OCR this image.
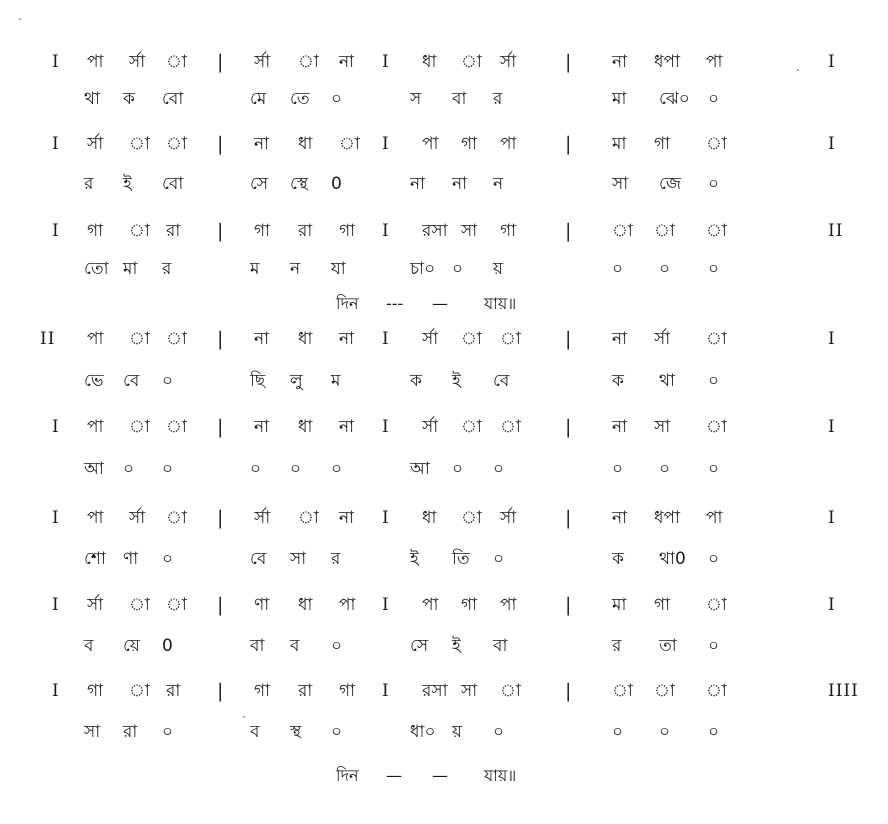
I পা র্সা া | র্সা া না I ধা া র্সা	| না ধপা পা	I
থা ক বো	মে তে ০	স বা র	মা ঝে০ ০
I র্সা া া | না ধা া I পা গা পা	| মা গা া	I
র ই বো	সে স্থে 0	না না ন	সা জে ০
I গা া রা | গা রা গা I রসা সা গা	| া া া	II
তো মা র	ম ন যা	চা০ ০ য়	০ ০ ০
দিন --- — যায়॥
II পা া া | না ধা না I র্সা া া | না র্সা া	I
ভে বে ০	ছি লু ম	ক ই বে	ক থা ০
I পা া া | না ধা না I র্সা া া | না সা া	I
আ ০ ০	০ ০ ০	আ ০ ০	০ ০ ০
I পা র্সা া | র্সা া না I ধা া র্সা	| না ধপা পা	I
শো ণা ০	বে সা র	ই তি ০	ক থা0 ০
I র্সা া া | ণা ধা পা I পা গা পা	| মা গা া	I
ব য়ে 0	বা ব ০	সে ই বা	র তা ০
I গা া রা | গা রা গা I রসা সা া | া া া	IIII
সা রা ০	ব স্থ ০	ধা০ য় ০	০ ০ ০
দিন — — যায়॥
